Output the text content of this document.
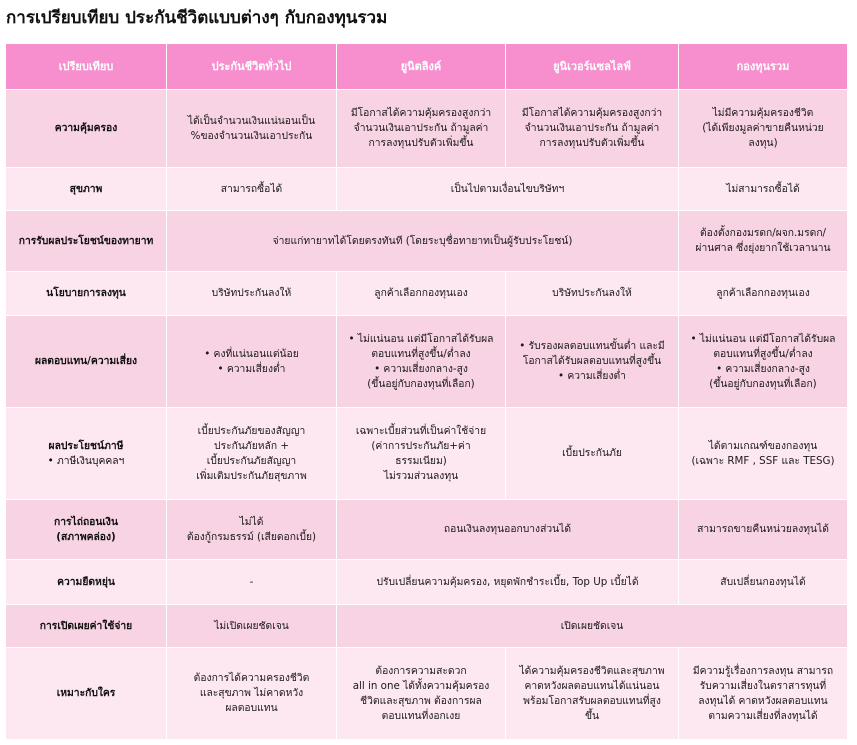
การเปรียบเทียบ ประกันชีวิตแบบต่างๆ กับกองทุนรวม
เปรียบเทียบ	ประกันชีวิตทั่วไป	ยูนิตลิงค์	ยูนิเวอร์แซลไลฟ์	กองทุนรวม
ความคุ้มครอง	ได้เป็นจำนวนเงินแน่นอนเป็น
%ของจำนวนเงินเอาประกัน	มีโอกาสได้ความคุ้มครองสูงกว่า
จำนวนเงินเอาประกัน ถ้ามูลค่า
การลงทุนปรับตัวเพิ่มขึ้น	มีโอกาสได้ความคุ้มครองสูงกว่า
จำนวนเงินเอาประกัน ถ้ามูลค่า
การลงทุนปรับตัวเพิ่มขึ้น	ไม่มีความคุ้มครองชีวิต
(ได้เพียงมูลค่าขายคืนหน่วย
ลงทุน)

สุขภาพ	สามารถซื้อได้	เป็นไปตามเงื่อนไขบริษัทฯ		ไม่สามารถซื้อได้
การรับผลประโยชน์ของทายาท	จ่ายแก่ทายาทได้โดยตรงทันที (โดยระบุชื่อทายาทเป็นผู้รับประโยชน์)			ต้องตั้งกองมรดก/ผจก.มรดก/
ผ่านศาล ซึ่งยุ่งยากใช้เวลานาน

นโยบายการลงทุน	บริษัทประกันลงให้	ลูกค้าเลือกกองทุนเอง	บริษัทประกันลงให้	ลูกค้าเลือกกองทุนเอง
ผลตอบแทน/ความเสี่ยง	• คงที่แน่นอนแต่น้อย
• ความเสี่ยงต่ำ	• ไม่แน่นอน แต่มีโอกาสได้รับผล
ตอบแทนที่สูงขึ้น/ต่ำลง
• ความเสี่ยงกลาง-สูง
(ขึ้นอยู่กับกองทุนที่เลือก)	• รับรองผลตอบแทนขั้นต่ำ และมี
โอกาสได้รับผลตอบแทนที่สูงขึ้น
• ความเสี่ยงต่ำ	• ไม่แน่นอน แต่มีโอกาสได้รับผล
ตอบแทนที่สูงขึ้น/ต่ำลง
• ความเสี่ยงกลาง-สูง
(ขึ้นอยู่กับกองทุนที่เลือก)

ผลประโยชน์ภาษี
• ภาษีเงินบุคคลฯ	เบี้ยประกันภัยของสัญญา
ประกันภัยหลัก +
เบี้ยประกันภัยสัญญา
เพิ่มเติมประกันภัยสุขภาพ	เฉพาะเบี้ยส่วนที่เป็นค่าใช้จ่าย
(ค่าการประกันภัย+ค่า
ธรรมเนียม)
ไม่รวมส่วนลงทุน	เบี้ยประกันภัย	ได้ตามเกณฑ์ของกองทุน
(เฉพาะ RMF , SSF และ TESG)

การไถ่ถอนเงิน
(สภาพคล่อง)	ไม่ได้
ต้องกู้กรมธรรม์ (เสียดอกเบี้ย)	ถอนเงินลงทุนออกบางส่วนได้		สามารถขายคืนหน่วยลงทุนได้
ความยืดหยุ่น	-	ปรับเปลี่ยนความคุ้มครอง, หยุดพักชำระเบี้ย, Top Up เบี้ยได้		สับเปลี่ยนกองทุนได้
การเปิดเผยค่าใช้จ่าย	ไม่เปิดเผยชัดเจน	เปิดเผยชัดเจน		
เหมาะกับใคร	ต้องการได้ความครองชีวิต
และสุขภาพ ไม่คาดหวัง
ผลตอบแทน	ต้องการความสะดวก
all in one ได้ทั้งความคุ้มครอง
ชีวิตและสุขภาพ ต้องการผล
ตอบแทนที่งอกเงย	ได้ความคุ้มครองชีวิตและสุขภาพ
คาดหวังผลตอบแทนได้แน่นอน
พร้อมโอกาสรับผลตอบแทนที่สูง
ขึ้น	มีความรู้เรื่องการลงทุน สามารถ
รับความเสี่ยงในตราสารทุนที่
ลงทุนได้ คาดหวังผลตอบแทน
ตามความเสี่ยงที่ลงทุนได้
